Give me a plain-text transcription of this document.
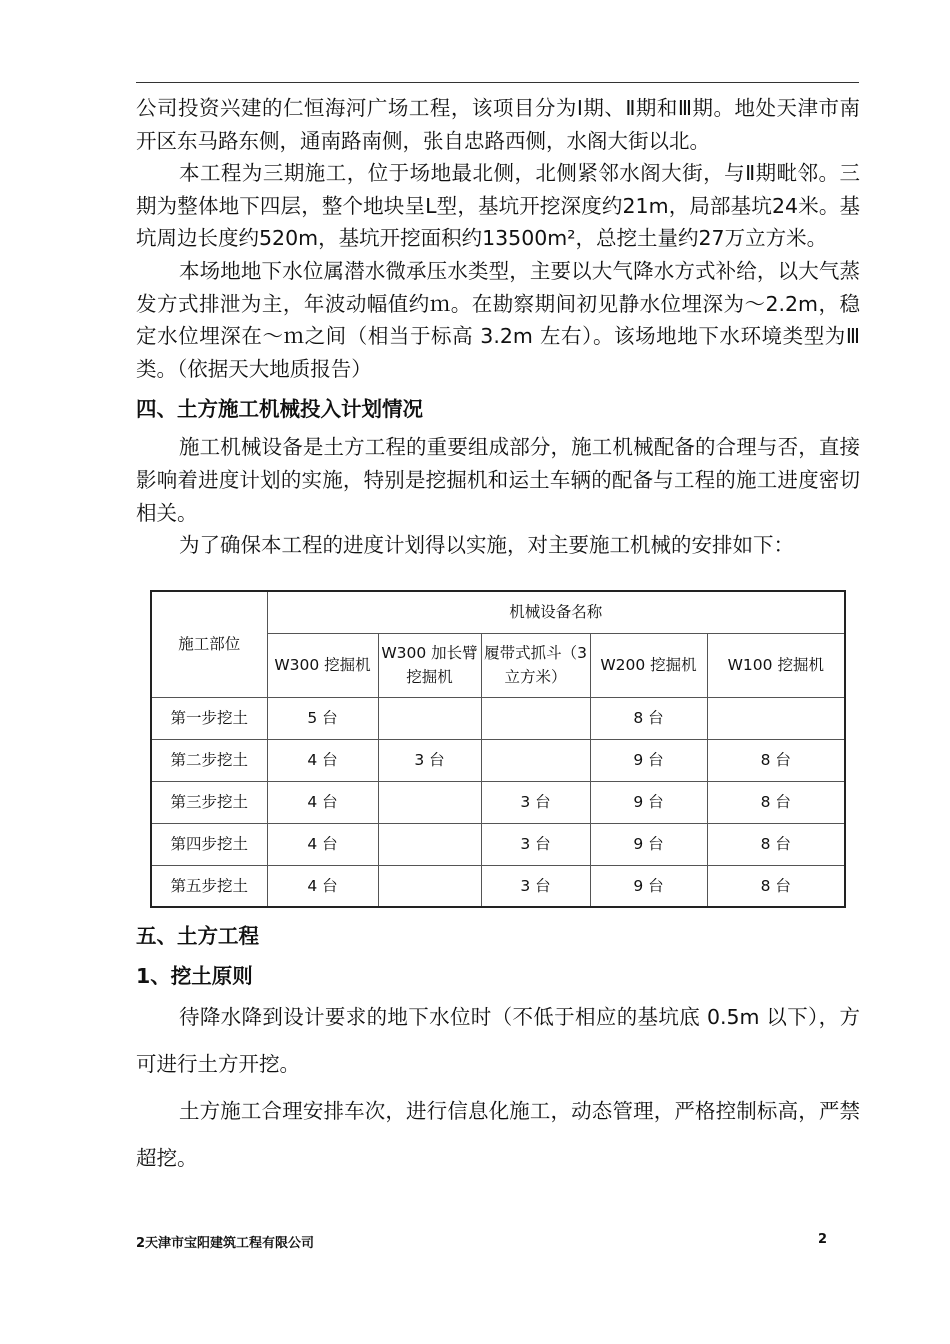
公司投资兴建的仁恒海河广场工程，该项目分为Ⅰ期、Ⅱ期和Ⅲ期。地处天津市南开区东马路东侧，通南路南侧，张自忠路西侧，水阁大街以北。

本工程为三期施工，位于场地最北侧，北侧紧邻水阁大街，与Ⅱ期毗邻。三期为整体地下四层，整个地块呈L型，基坑开挖深度约21m，局部基坑24米。基坑周边长度约520m，基坑开挖面积约13500m²，总挖土量约27万立方米。

本场地地下水位属潜水微承压水类型，主要以大气降水方式补给，以大气蒸发方式排泄为主，年波动幅值约ｍ。在勘察期间初见静水位埋深为～2.2m，稳定水位埋深在～ｍ之间（相当于标高 3.2m 左右）。该场地地下水环境类型为Ⅲ类。（依据天大地质报告）

四、土方施工机械投入计划情况

施工机械设备是土方工程的重要组成部分，施工机械配备的合理与否，直接影响着进度计划的实施，特别是挖掘机和运土车辆的配备与工程的施工进度密切相关。

为了确保本工程的进度计划得以实施，对主要施工机械的安排如下：

施工部位	机械设备名称				
	W300 挖掘机	W300 加长臂挖掘机	履带式抓斗（3 立方米）	W200 挖掘机	W100 挖掘机
第一步挖土	5 台			8 台	
第二步挖土	4 台	3 台		9 台	8 台
第三步挖土	4 台		3 台	9 台	8 台
第四步挖土	4 台		3 台	9 台	8 台
第五步挖土	4 台		3 台	9 台	8 台
五、土方工程
1、挖土原则

待降水降到设计要求的地下水位时（不低于相应的基坑底 0.5m 以下），方可进行土方开挖。

土方施工合理安排车次，进行信息化施工，动态管理，严格控制标高，严禁超挖。

2天津市宝阳建筑工程有限公司	2
